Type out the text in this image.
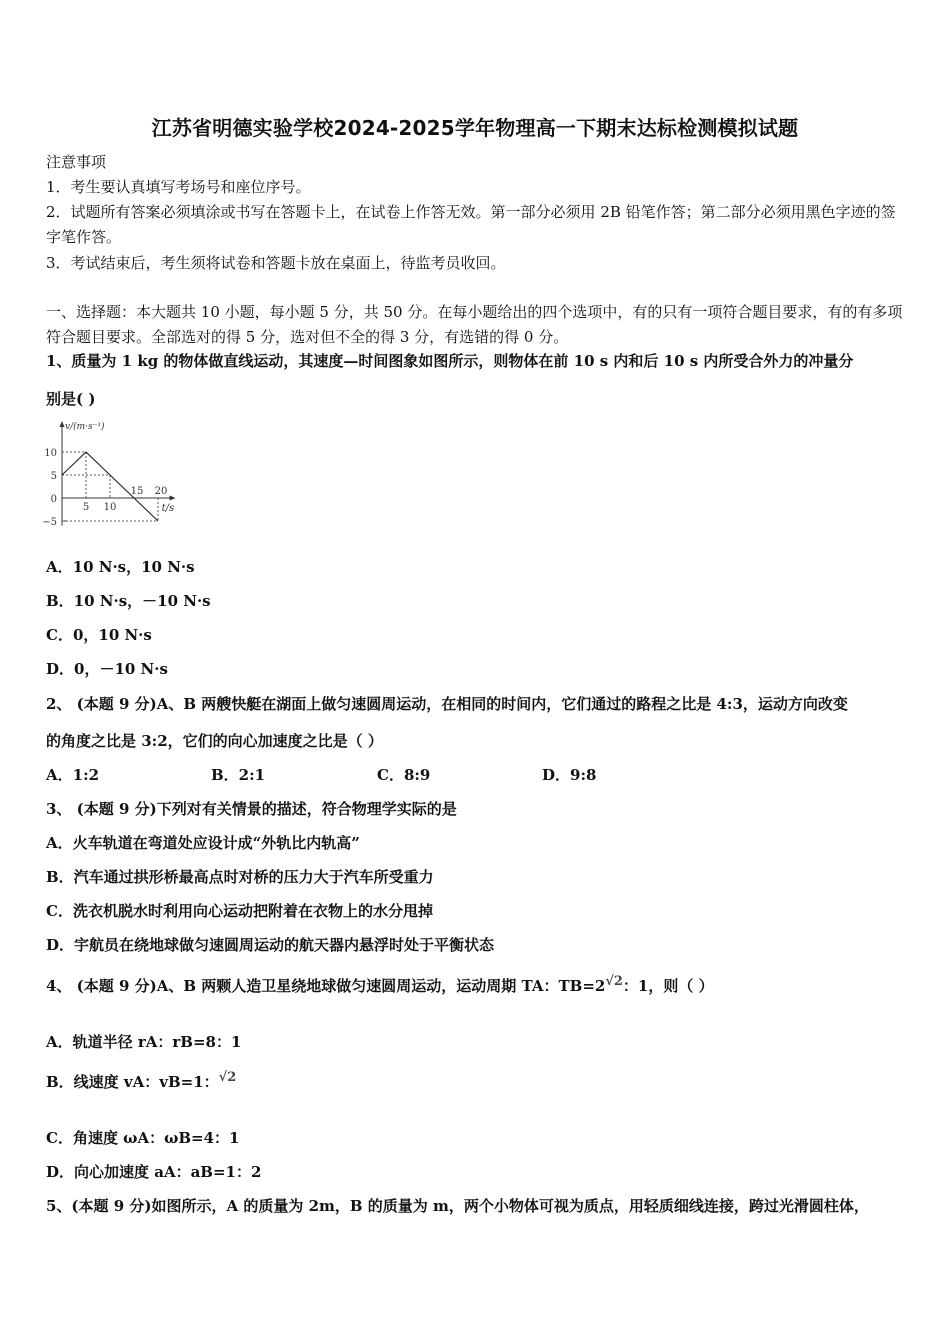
江苏省明德实验学校2024-2025学年物理高一下期末达标检测模拟试题
注意事项
1．考生要认真填写考场号和座位序号。
2．试题所有答案必须填涂或书写在答题卡上，在试卷上作答无效。第一部分必须用 2B 铅笔作答；第二部分必须用黑色字迹的签字笔作答。
3．考试结束后，考生须将试卷和答题卡放在桌面上，待监考员收回。
一、选择题：本大题共 10 小题，每小题 5 分，共 50 分。在每小题给出的四个选项中，有的只有一项符合题目要求，有的有多项符合题目要求。全部选对的得 5 分，选对但不全的得 3 分，有选错的得 0 分。
1、质量为 1 kg 的物体做直线运动，其速度—时间图象如图所示，则物体在前 10 s 内和后 10 s 内所受合外力的冲量分
别是( )
v/(m·s⁻¹)
t/s
10
5
0
−5
5 10
15 20
A．10 N·s，10 N·s
B．10 N·s，－10 N·s
C．0，10 N·s
D．0，－10 N·s
2、 (本题 9 分)A、B 两艘快艇在湖面上做匀速圆周运动，在相同的时间内，它们通过的路程之比是 4:3，运动方向改变
的角度之比是 3:2，它们的向心加速度之比是（ ）
A．1:2	B．2:1	C．8:9	D．9:8
3、 (本题 9 分)下列对有关情景的描述，符合物理学实际的是
A．火车轨道在弯道处应设计成“外轨比内轨高”
B．汽车通过拱形桥最高点时对桥的压力大于汽车所受重力
C．洗衣机脱水时利用向心运动把附着在衣物上的水分甩掉
D．宇航员在绕地球做匀速圆周运动的航天器内悬浮时处于平衡状态
4、 (本题 9 分)A、B 两颗人造卫星绕地球做匀速圆周运动，运动周期 TA：TB=2√2：1，则（ ）
A．轨道半径 rA：rB=8：1
B．线速度 vA：vB=1：√2
C．角速度 ωA：ωB=4：1
D．向心加速度 aA：aB=1：2
5、(本题 9 分)如图所示，A 的质量为 2m，B 的质量为 m，两个小物体可视为质点，用轻质细线连接，跨过光滑圆柱体，
